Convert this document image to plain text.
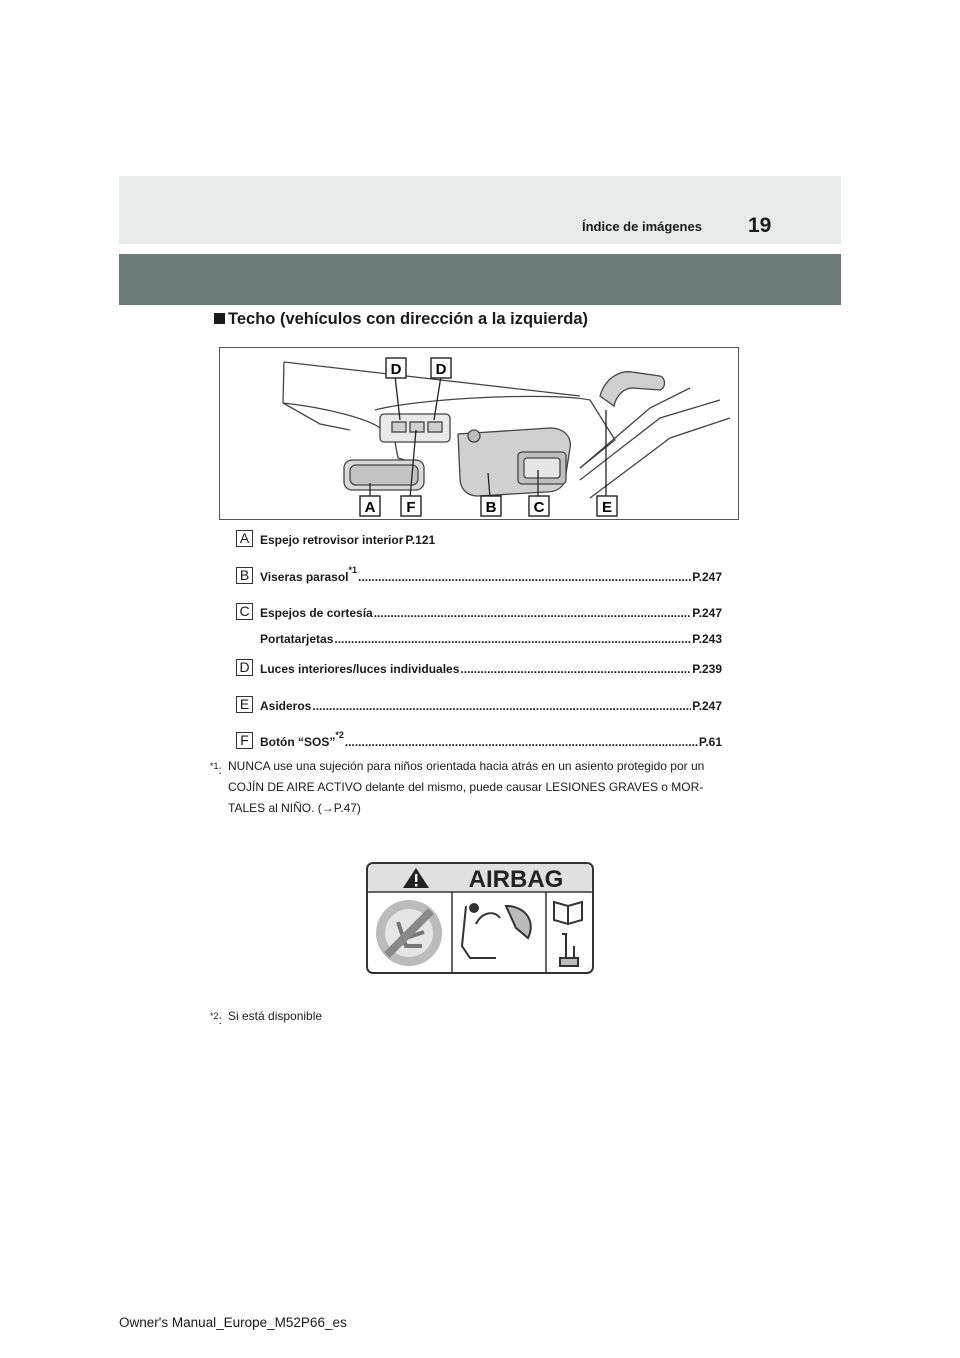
Índice de imágenes 19
Techo (vehículos con dirección a la izquierda)
D D
A F	B C	E
A Espejo retrovisor interior P.121
B Viseras parasol *1 .....	P.247
C Espejos de cortesía .....	P.247
Portatarjetas .....	P.243
D Luces interiores/luces individuales .....	P.239
E Asideros .....	P.247
F Botón “SOS” *2 .....	P.61
$^{*1}$: NUNCA use una sujeción para niños orientada hacia atrás en un asiento protegido por un
COJÍN DE AIRE ACTIVO delante del mismo, puede causar LESIONES GRAVES o MOR-
TALES al NIÑO. (→P.47)
AIRBAG
$^{*2}$: Si está disponible
Owner's Manual_Europe_M52P66_es
